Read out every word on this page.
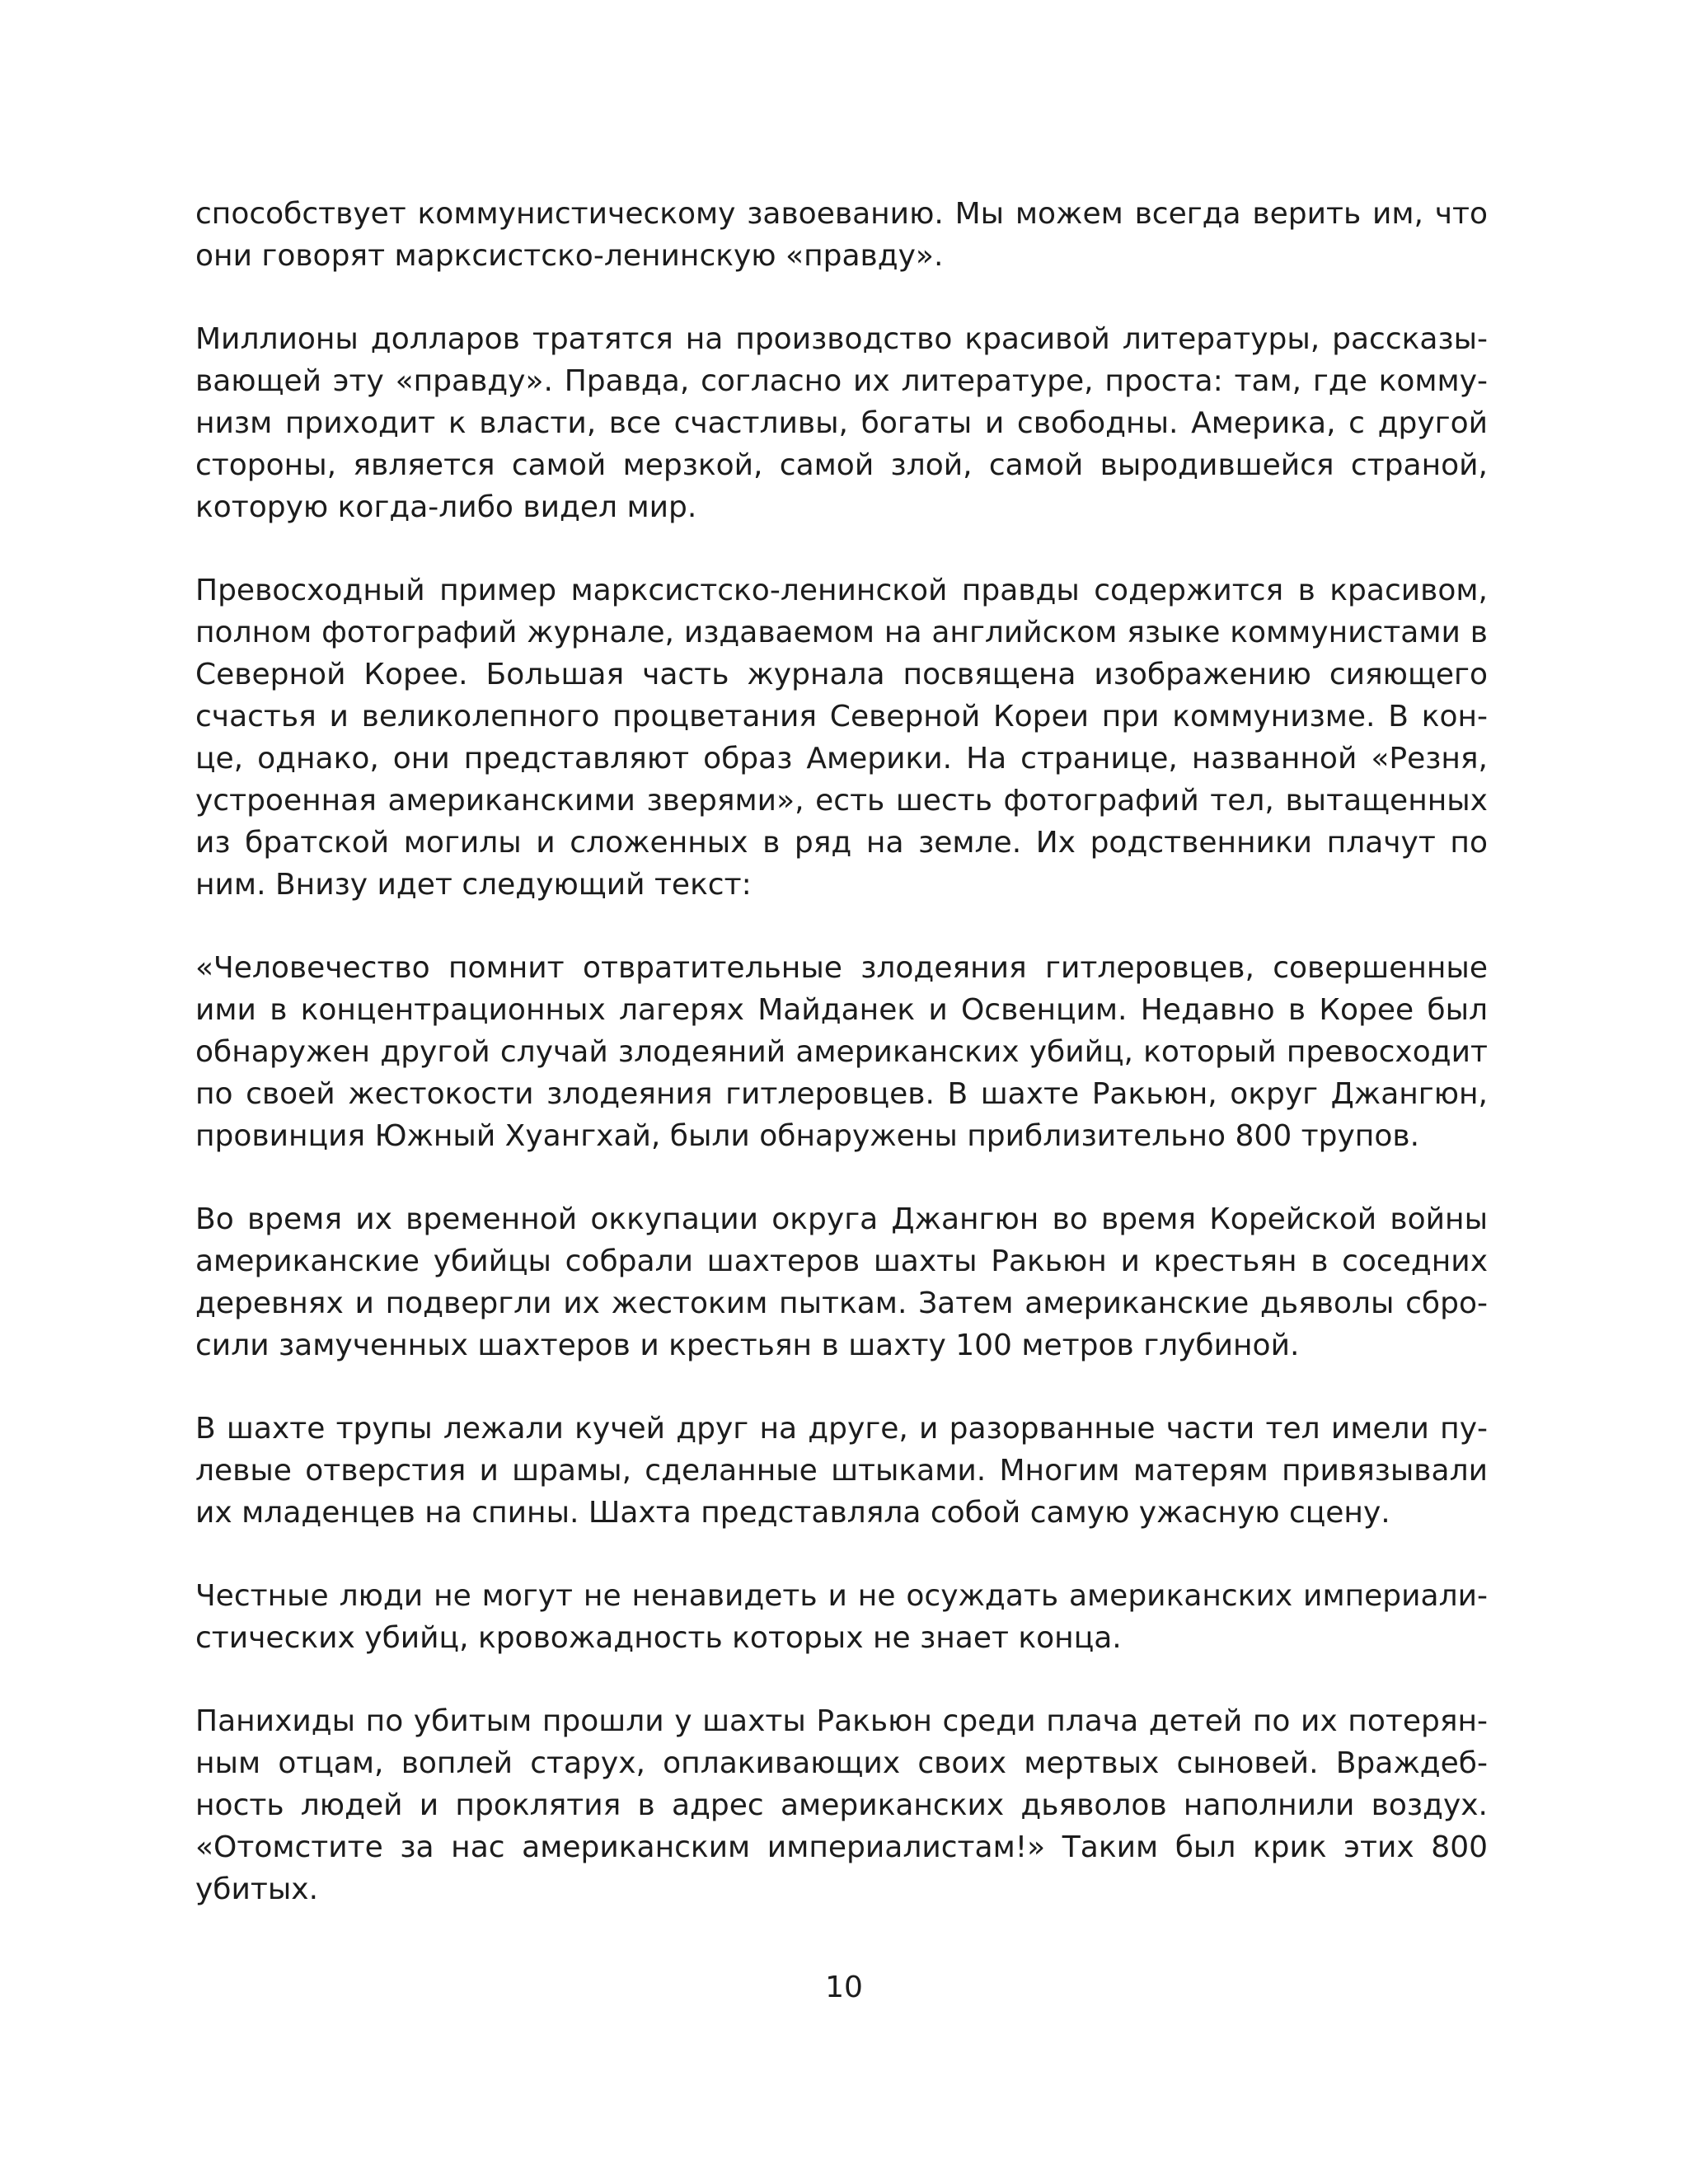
способствует коммунистическому завоеванию. Мы можем всегда верить им, что
они говорят марксистско-ленинскую «правду».

Миллионы долларов тратятся на производство красивой литературы, рассказы-
вающей эту «правду». Правда, согласно их литературе, проста: там, где комму-
низм приходит к власти, все счастливы, богаты и свободны. Америка, с другой
стороны, является самой мерзкой, самой злой, самой выродившейся страной,
которую когда-либо видел мир.

Превосходный пример марксистско-ленинской правды содержится в красивом,
полном фотографий журнале, издаваемом на английском языке коммунистами в
Северной Корее. Большая часть журнала посвящена изображению сияющего
счастья и великолепного процветания Северной Кореи при коммунизме. В кон-
це, однако, они представляют образ Америки. На странице, названной «Резня,
устроенная американскими зверями», есть шесть фотографий тел, вытащенных
из братской могилы и сложенных в ряд на земле. Их родственники плачут по
ним. Внизу идет следующий текст:

«Человечество помнит отвратительные злодеяния гитлеровцев, совершенные
ими в концентрационных лагерях Майданек и Освенцим. Недавно в Корее был
обнаружен другой случай злодеяний американских убийц, который превосходит
по своей жестокости злодеяния гитлеровцев. В шахте Ракьюн, округ Джангюн,
провинция Южный Хуангхай, были обнаружены приблизительно 800 трупов.

Во время их временной оккупации округа Джангюн во время Корейской войны
американские убийцы собрали шахтеров шахты Ракьюн и крестьян в соседних
деревнях и подвергли их жестоким пыткам. Затем американские дьяволы сбро-
сили замученных шахтеров и крестьян в шахту 100 метров глубиной.

В шахте трупы лежали кучей друг на друге, и разорванные части тел имели пу-
левые отверстия и шрамы, сделанные штыками. Многим матерям привязывали
их младенцев на спины. Шахта представляла собой самую ужасную сцену.

Честные люди не могут не ненавидеть и не осуждать американских империали-
стических убийц, кровожадность которых не знает конца.

Панихиды по убитым прошли у шахты Ракьюн среди плача детей по их потерян-
ным отцам, воплей старух, оплакивающих своих мертвых сыновей. Враждеб-
ность людей и проклятия в адрес американских дьяволов наполнили воздух.
«Отомстите за нас американским империалистам!» Таким был крик этих 800
убитых.

10
